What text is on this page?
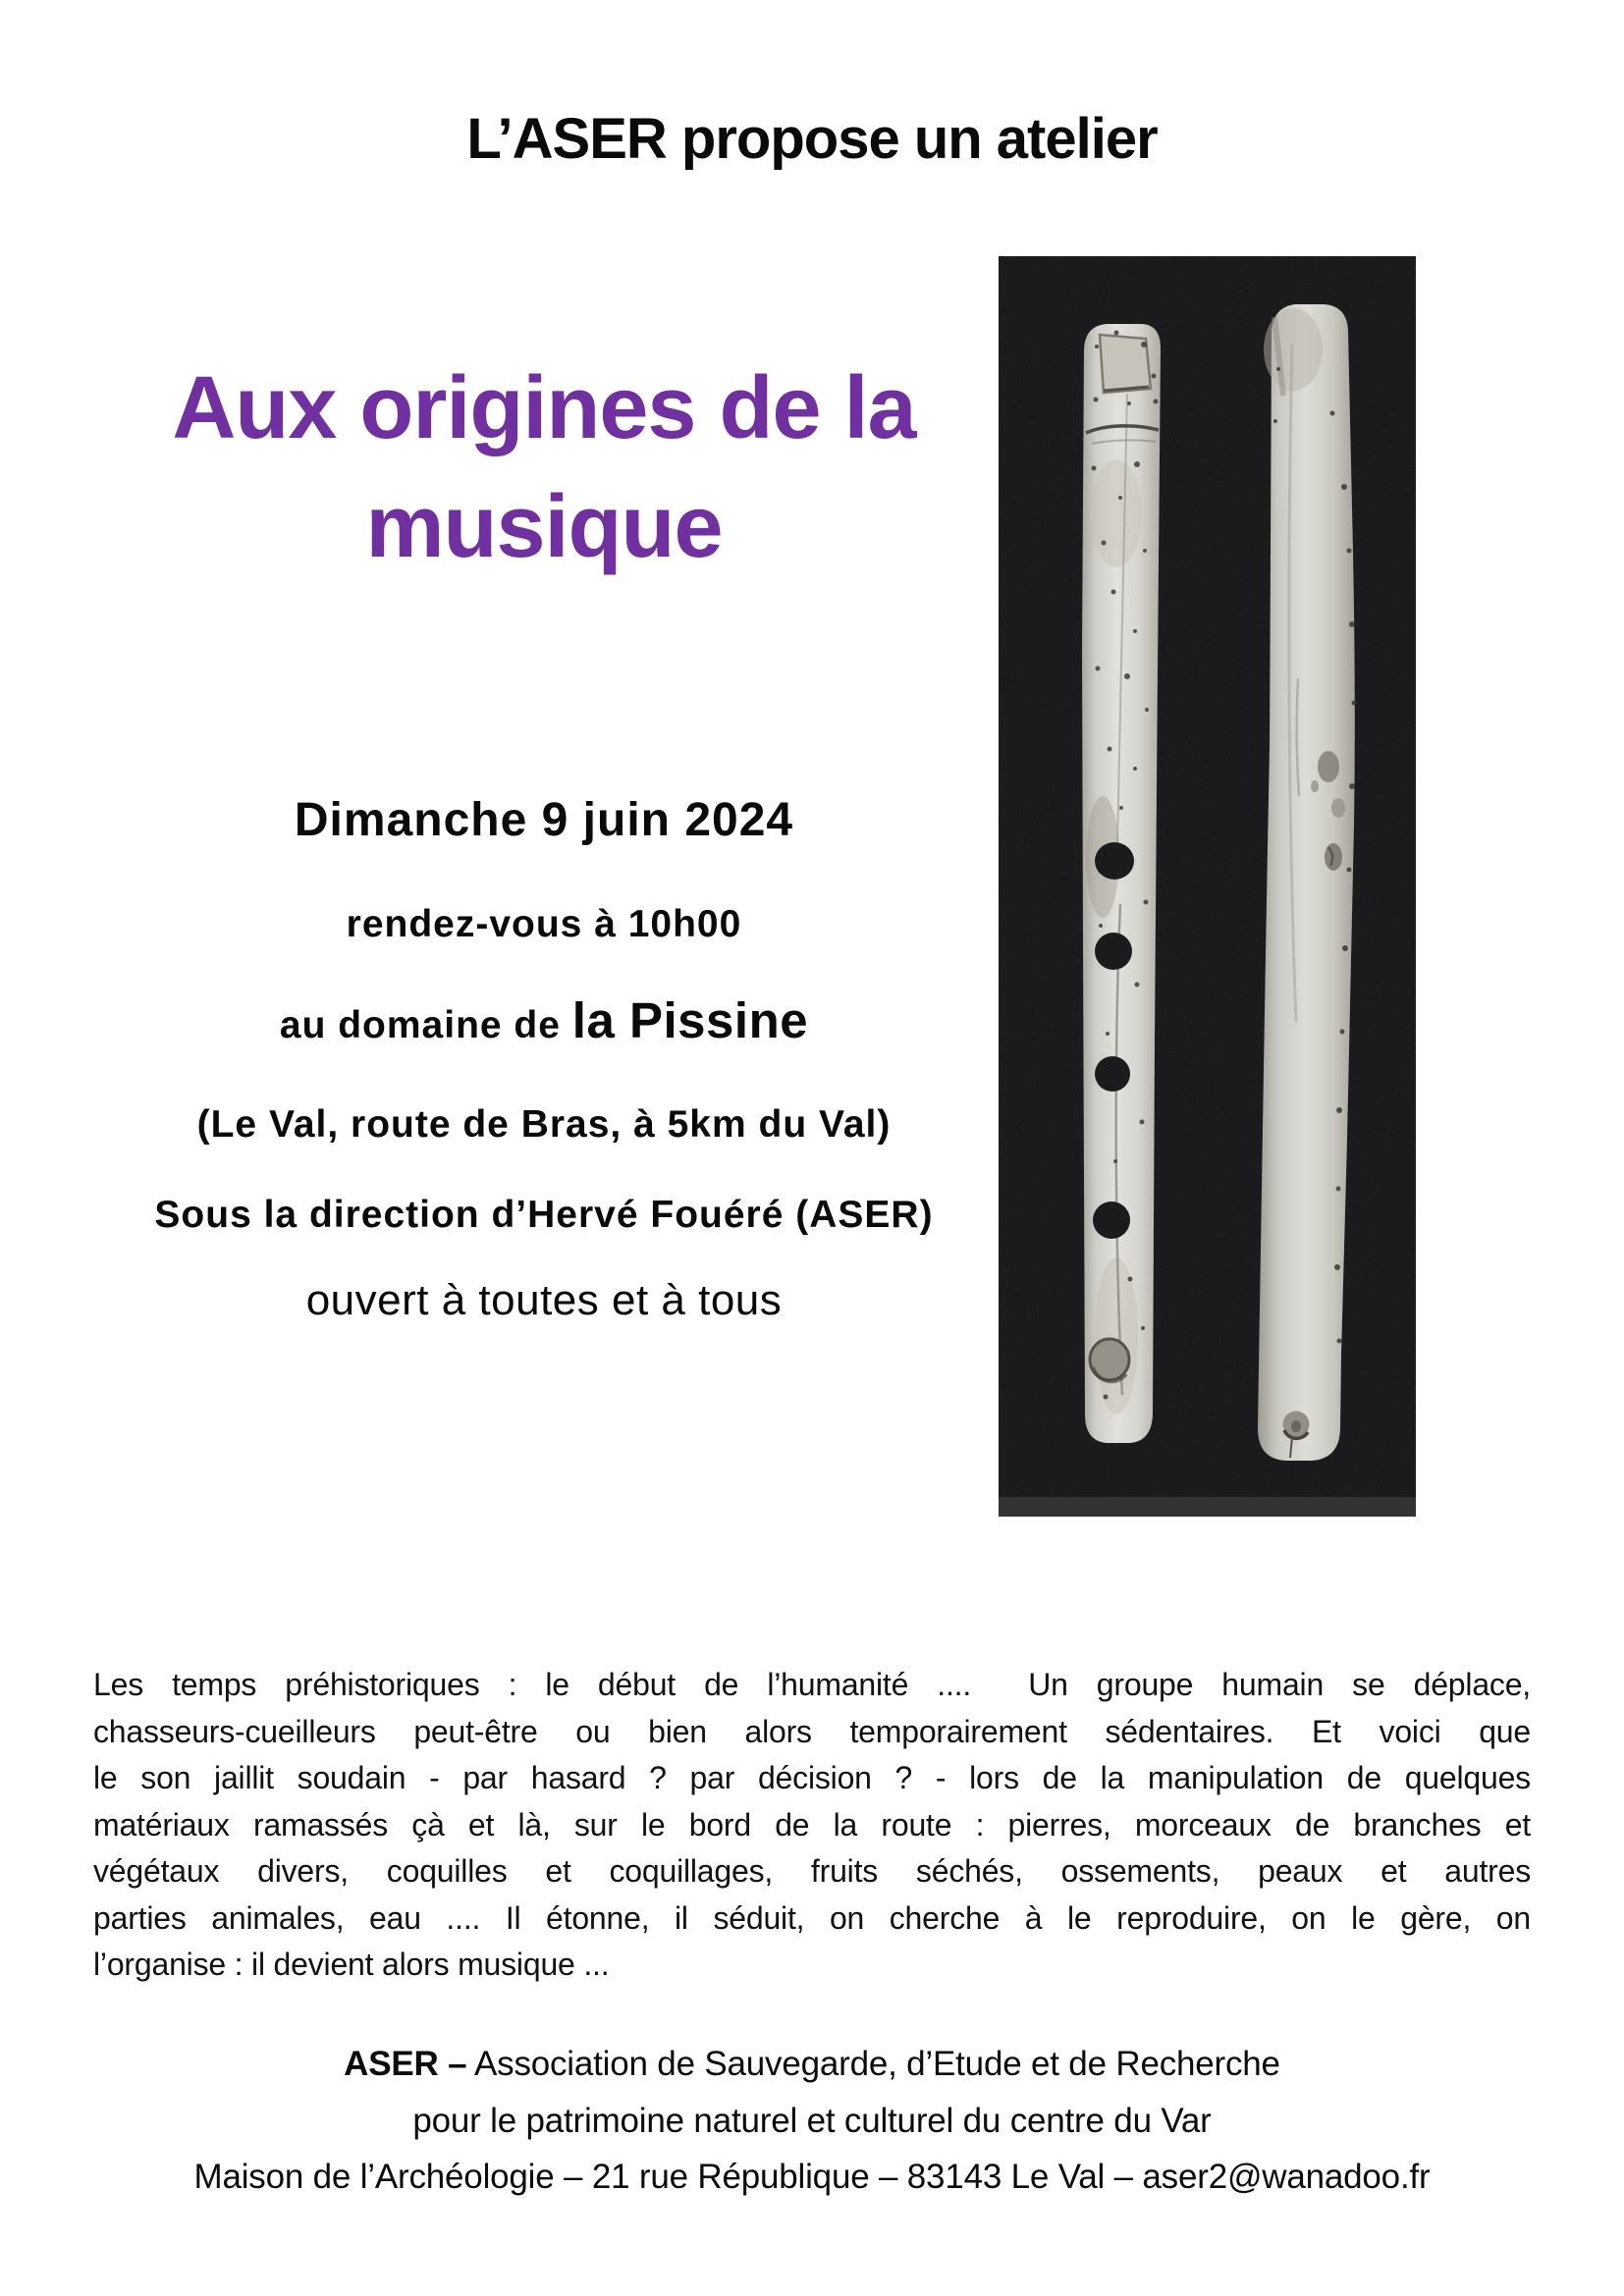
L’ASER propose un atelier
Aux origines de la
musique
Dimanche 9 juin 2024
rendez-vous à 10h00
au domaine de la Pissine
(Le Val, route de Bras, à 5km du Val)
Sous la direction d’Hervé Fouéré (ASER)
ouvert à toutes et à tous
Les temps préhistoriques : le début de l’humanité ....  Un groupe humain se déplace,
chasseurs-cueilleurs peut-être ou bien alors temporairement sédentaires. Et voici que
le son jaillit soudain - par hasard ? par décision ? - lors de la manipulation de quelques
matériaux ramassés çà et là, sur le bord de la route : pierres, morceaux de branches et
végétaux divers, coquilles et coquillages, fruits séchés, ossements, peaux et autres
parties animales, eau .... Il étonne, il séduit, on cherche à le reproduire, on le gère, on
l’organise : il devient alors musique ...
ASER – Association de Sauvegarde, d’Etude et de Recherche
pour le patrimoine naturel et culturel du centre du Var
Maison de l’Archéologie – 21 rue République – 83143 Le Val – aser2@wanadoo.fr
